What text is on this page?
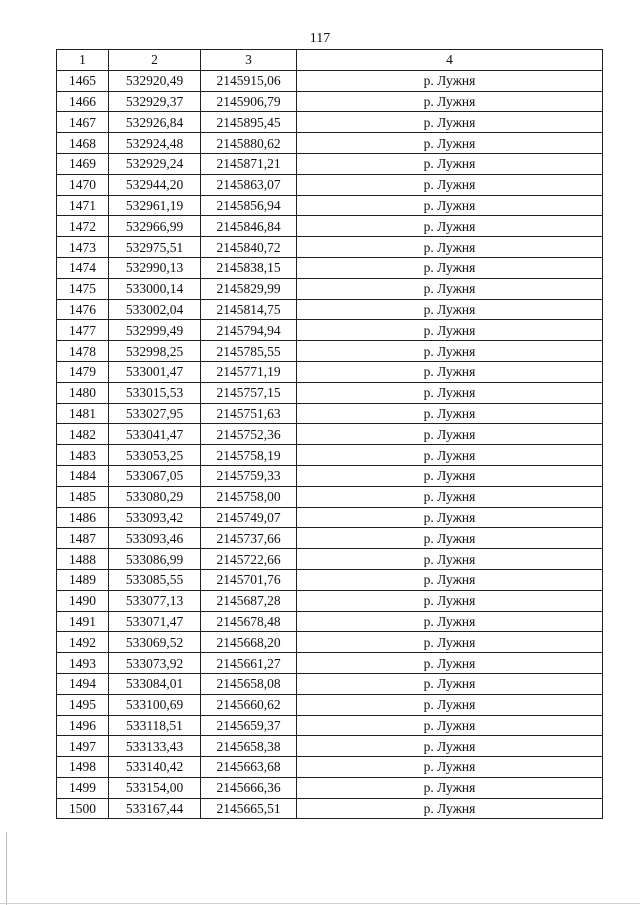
117
1	2	3	4
1465	532920,49	2145915,06	р. Лужня
1466	532929,37	2145906,79	р. Лужня
1467	532926,84	2145895,45	р. Лужня
1468	532924,48	2145880,62	р. Лужня
1469	532929,24	2145871,21	р. Лужня
1470	532944,20	2145863,07	р. Лужня
1471	532961,19	2145856,94	р. Лужня
1472	532966,99	2145846,84	р. Лужня
1473	532975,51	2145840,72	р. Лужня
1474	532990,13	2145838,15	р. Лужня
1475	533000,14	2145829,99	р. Лужня
1476	533002,04	2145814,75	р. Лужня
1477	532999,49	2145794,94	р. Лужня
1478	532998,25	2145785,55	р. Лужня
1479	533001,47	2145771,19	р. Лужня
1480	533015,53	2145757,15	р. Лужня
1481	533027,95	2145751,63	р. Лужня
1482	533041,47	2145752,36	р. Лужня
1483	533053,25	2145758,19	р. Лужня
1484	533067,05	2145759,33	р. Лужня
1485	533080,29	2145758,00	р. Лужня
1486	533093,42	2145749,07	р. Лужня
1487	533093,46	2145737,66	р. Лужня
1488	533086,99	2145722,66	р. Лужня
1489	533085,55	2145701,76	р. Лужня
1490	533077,13	2145687,28	р. Лужня
1491	533071,47	2145678,48	р. Лужня
1492	533069,52	2145668,20	р. Лужня
1493	533073,92	2145661,27	р. Лужня
1494	533084,01	2145658,08	р. Лужня
1495	533100,69	2145660,62	р. Лужня
1496	533118,51	2145659,37	р. Лужня
1497	533133,43	2145658,38	р. Лужня
1498	533140,42	2145663,68	р. Лужня
1499	533154,00	2145666,36	р. Лужня
1500	533167,44	2145665,51	р. Лужня
